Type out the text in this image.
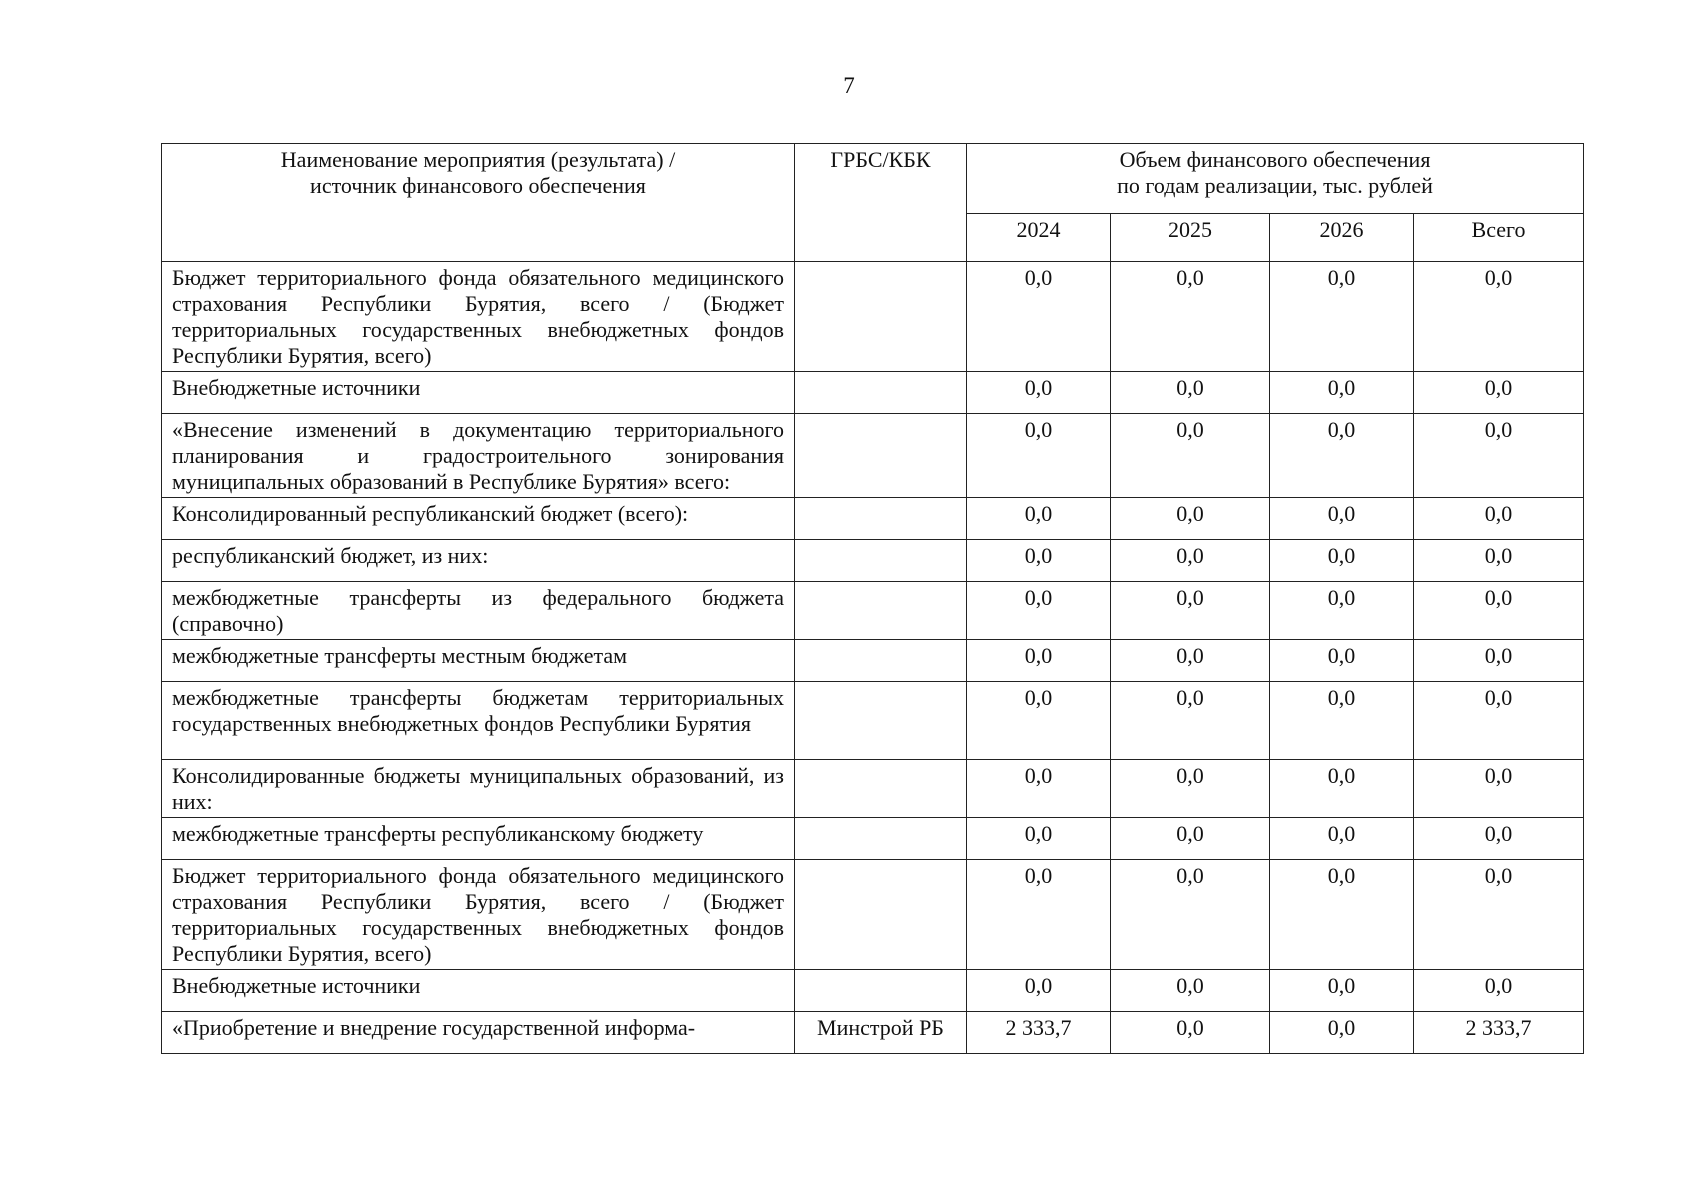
7
Наименование мероприятия (результата) /
источник финансового обеспечения	ГРБС/КБК	Объем финансового обеспечения
по годам реализации, тыс. рублей			
		2024	2025	2026	Всего
Бюджет территориального фонда обязательного медицинского страхования Республики Бурятия, всего / (Бюджет территориальных государственных внебюджетных фондов Республики Бурятия, всего)		0,0	0,0	0,0	0,0
Внебюджетные источники		0,0	0,0	0,0	0,0
«Внесение изменений в документацию территориального планирования и градостроительного зонирования муниципальных образований в Республике Бурятия» всего:		0,0	0,0	0,0	0,0
Консолидированный республиканский бюджет (всего):		0,0	0,0	0,0	0,0
республиканский бюджет, из них:		0,0	0,0	0,0	0,0
межбюджетные трансферты из федерального бюджета (справочно)		0,0	0,0	0,0	0,0
межбюджетные трансферты местным бюджетам		0,0	0,0	0,0	0,0
межбюджетные трансферты бюджетам территориальных государственных внебюджетных фондов Республики Бурятия		0,0	0,0	0,0	0,0
Консолидированные бюджеты муниципальных образований, из них:		0,0	0,0	0,0	0,0
межбюджетные трансферты республиканскому бюджету		0,0	0,0	0,0	0,0
Бюджет территориального фонда обязательного медицинского страхования Республики Бурятия, всего / (Бюджет территориальных государственных внебюджетных фондов Республики Бурятия, всего)		0,0	0,0	0,0	0,0
Внебюджетные источники		0,0	0,0	0,0	0,0
«Приобретение и внедрение государственной информа-	Минстрой РБ	2 333,7	0,0	0,0	2 333,7
